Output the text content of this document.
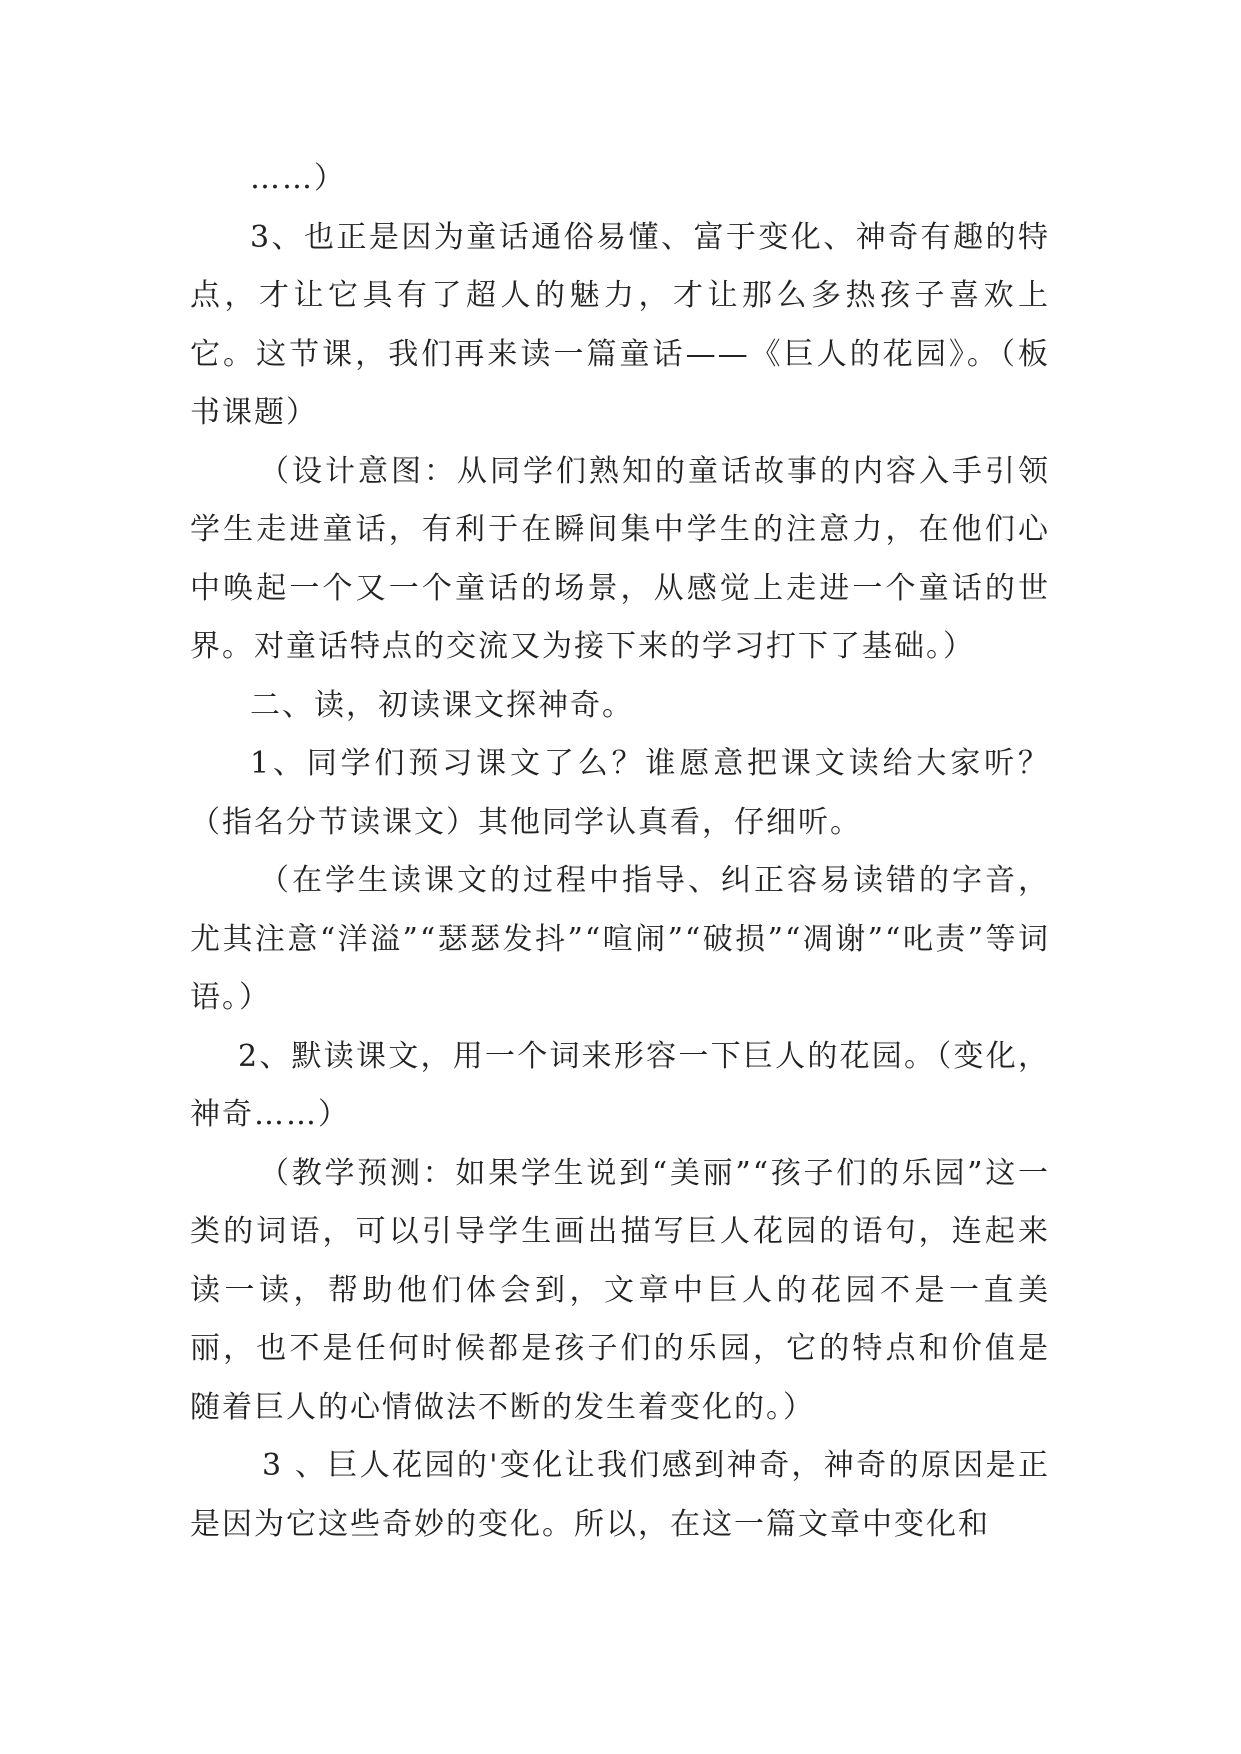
……）

3、也正是因为童话通俗易懂、富于变化、神奇有趣的特点，才让它具有了超人的魅力，才让那么多热孩子喜欢上它。这节课，我们再来读一篇童话——《巨人的花园》。（板书课题）

（设计意图：从同学们熟知的童话故事的内容入手引领学生走进童话，有利于在瞬间集中学生的注意力，在他们心中唤起一个又一个童话的场景，从感觉上走进一个童话的世界。对童话特点的交流又为接下来的学习打下了基础。）

二、读，初读课文探神奇。

1、同学们预习课文了么？谁愿意把课文读给大家听？（指名分节读课文）其他同学认真看，仔细听。

（在学生读课文的过程中指导、纠正容易读错的字音，尤其注意“洋溢”“瑟瑟发抖”“喧闹”“破损”“凋谢”“叱责”等词语。）

2、默读课文，用一个词来形容一下巨人的花园。（变化，神奇……）

（教学预测：如果学生说到“美丽”“孩子们的乐园”这一类的词语，可以引导学生画出描写巨人花园的语句，连起来读一读，帮助他们体会到，文章中巨人的花园不是一直美丽，也不是任何时候都是孩子们的乐园，它的特点和价值是随着巨人的心情做法不断的发生着变化的。）

3 、巨人花园的'变化让我们感到神奇，神奇的原因是正是因为它这些奇妙的变化。所以，在这一篇文章中变化和
